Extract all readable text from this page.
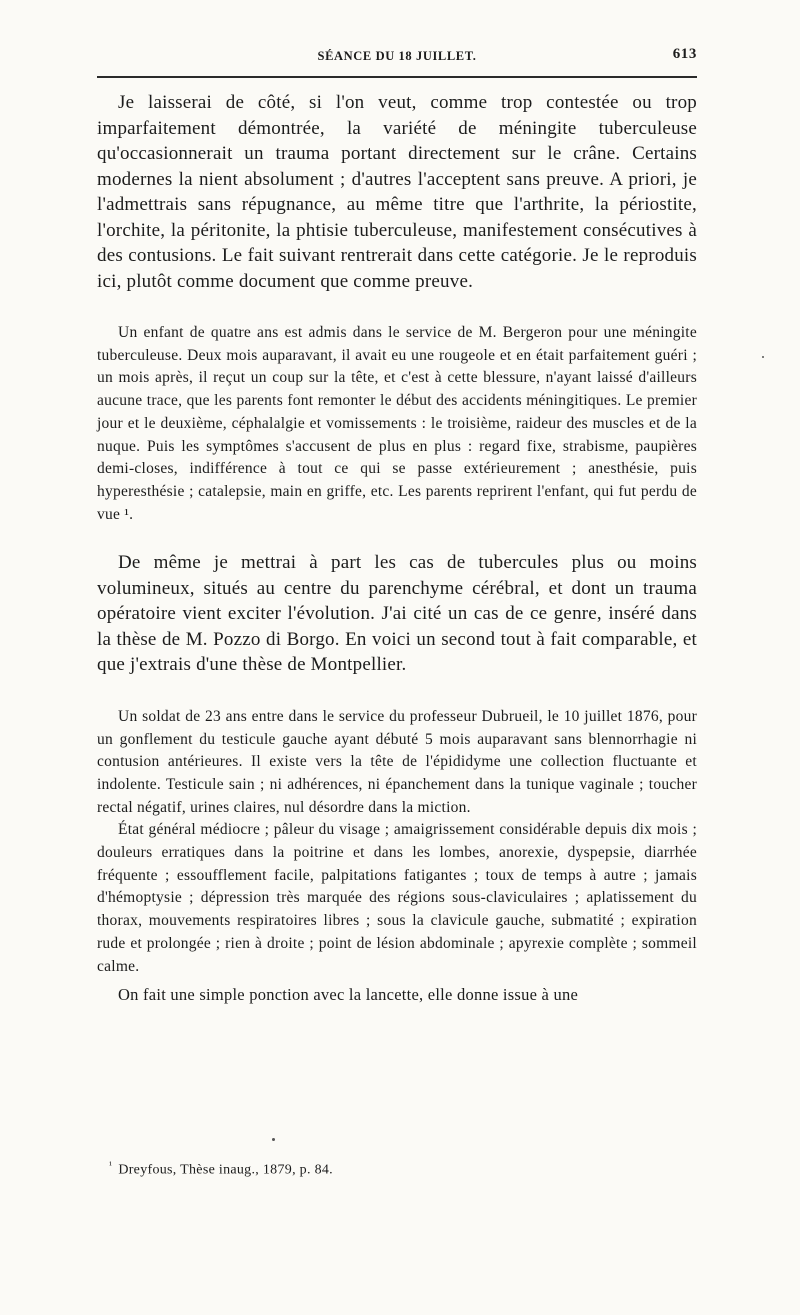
SÉANCE DU 18 JUILLET.	613

Je laisserai de côté, si l'on veut, comme trop contestée ou trop imparfaitement démontrée, la variété de méningite tuberculeuse qu'occasionnerait un trauma portant directement sur le crâne. Certains modernes la nient absolument ; d'autres l'acceptent sans preuve. A priori, je l'admettrais sans répugnance, au même titre que l'arthrite, la périostite, l'orchite, la péritonite, la phtisie tuberculeuse, manifestement consécutives à des contusions. Le fait suivant rentrerait dans cette catégorie. Je le reproduis ici, plutôt comme document que comme preuve.

Un enfant de quatre ans est admis dans le service de M. Bergeron pour une méningite tuberculeuse. Deux mois auparavant, il avait eu une rougeole et en était parfaitement guéri ; un mois après, il reçut un coup sur la tête, et c'est à cette blessure, n'ayant laissé d'ailleurs aucune trace, que les parents font remonter le début des accidents méningitiques. Le premier jour et le deuxième, céphalalgie et vomissements : le troisième, raideur des muscles et de la nuque. Puis les symptômes s'accusent de plus en plus : regard fixe, strabisme, paupières demi-closes, indifférence à tout ce qui se passe extérieurement ; anesthésie, puis hyperesthésie ; catalepsie, main en griffe, etc. Les parents reprirent l'enfant, qui fut perdu de vue ¹.

De même je mettrai à part les cas de tubercules plus ou moins volumineux, situés au centre du parenchyme cérébral, et dont un trauma opératoire vient exciter l'évolution. J'ai cité un cas de ce genre, inséré dans la thèse de M. Pozzo di Borgo. En voici un second tout à fait comparable, et que j'extrais d'une thèse de Montpellier.

Un soldat de 23 ans entre dans le service du professeur Dubrueil, le 10 juillet 1876, pour un gonflement du testicule gauche ayant débuté 5 mois auparavant sans blennorrhagie ni contusion antérieures. Il existe vers la tête de l'épididyme une collection fluctuante et indolente. Testicule sain ; ni adhérences, ni épanchement dans la tunique vaginale ; toucher rectal négatif, urines claires, nul désordre dans la miction.

État général médiocre ; pâleur du visage ; amaigrissement considérable depuis dix mois ; douleurs erratiques dans la poitrine et dans les lombes, anorexie, dyspepsie, diarrhée fréquente ; essoufflement facile, palpitations fatigantes ; toux de temps à autre ; jamais d'hémoptysie ; dépression très marquée des régions sous-claviculaires ; aplatissement du thorax, mouvements respiratoires libres ; sous la clavicule gauche, submatité ; expiration rude et prolongée ; rien à droite ; point de lésion abdominale ; apyrexie complète ; sommeil calme.

On fait une simple ponction avec la lancette, elle donne issue à une

$^{^1}$ Dreyfous, Thèse inaug., 1879, p. 84.
